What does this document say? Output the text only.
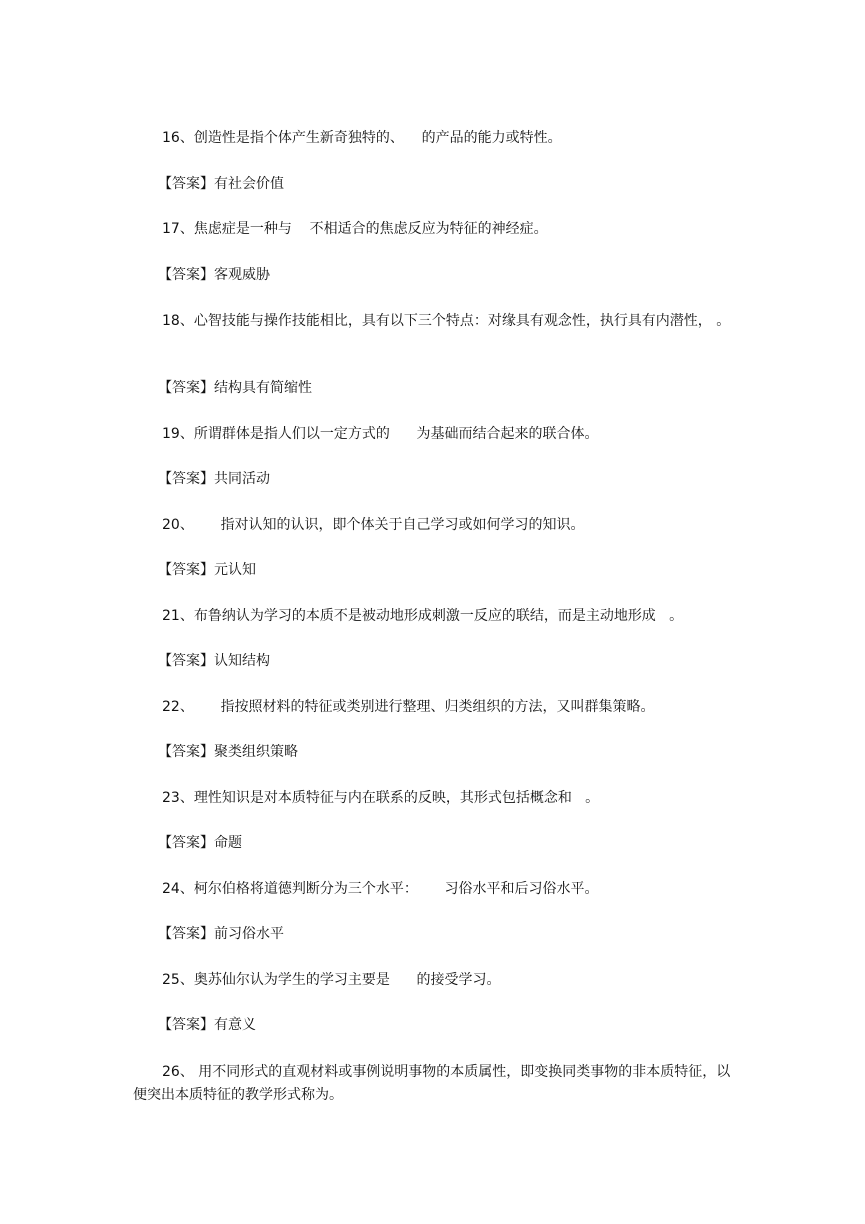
16、创造性是指个体产生新奇独特的、    的产品的能力或特性。

【答案】有社会价值

17、焦虑症是一种与    不相适合的焦虑反应为特征的神经症。

【答案】客观威胁

18、心智技能与操作技能相比，具有以下三个特点：对缘具有观念性，执行具有内潜性， 。

【答案】结构具有简缩性

19、所谓群体是指人们以一定方式的      为基础而结合起来的联合体。

【答案】共同活动

20、      指对认知的认识，即个体关于自己学习或如何学习的知识。

【答案】元认知

21、布鲁纳认为学习的本质不是被动地形成刺激一反应的联结，而是主动地形成   。

【答案】认知结构

22、      指按照材料的特征或类别进行整理、归类组织的方法，又叫群集策略。

【答案】聚类组织策略

23、理性知识是对本质特征与内在联系的反映，其形式包括概念和   。

【答案】命题

24、柯尔伯格将道德判断分为三个水平：      习俗水平和后习俗水平。

【答案】前习俗水平

25、奥苏仙尔认为学生的学习主要是      的接受学习。

【答案】有意义

26、 用不同形式的直观材料或事例说明事物的本质属性，即变换同类事物的非本质特征，以便突出本质特征的教学形式称为。
